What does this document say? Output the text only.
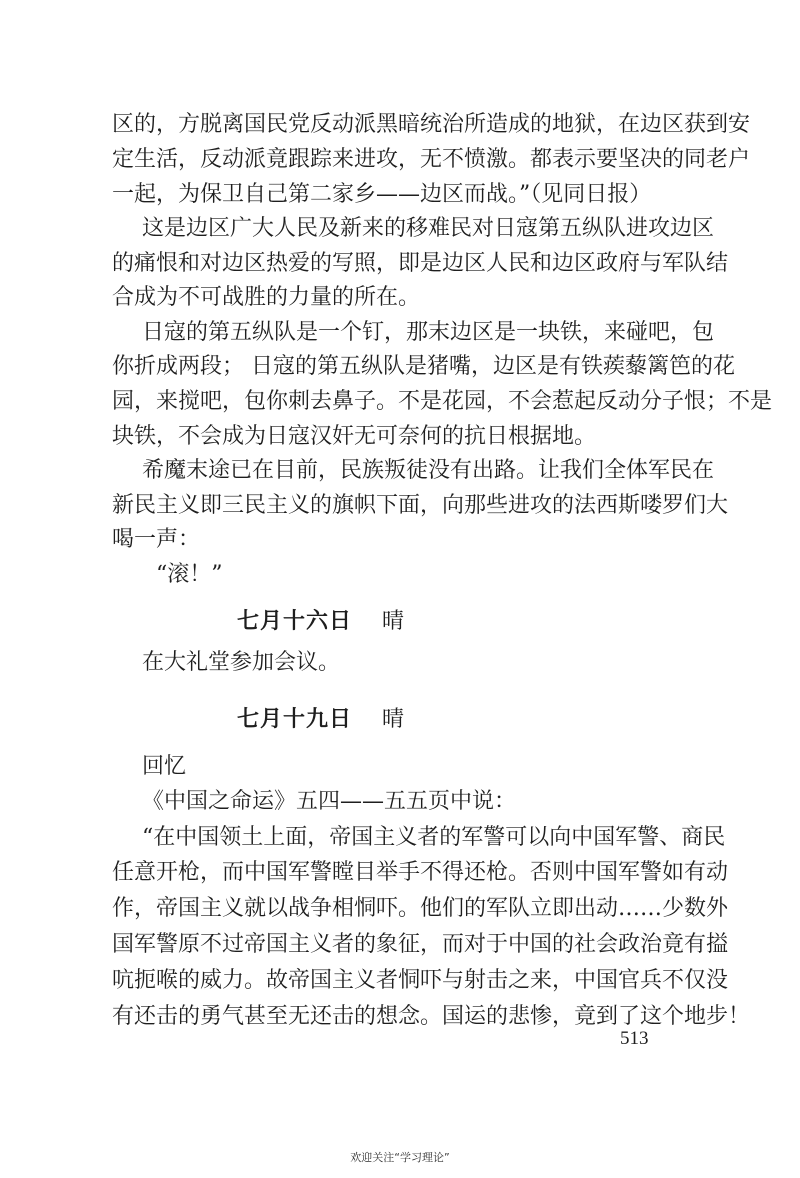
区的，方脱离国民党反动派黑暗统治所造成的地狱，在边区获到安
定生活，反动派竟跟踪来进攻，无不愤激。都表示要坚决的同老户
一起，为保卫自己第二家乡——边区而战。”（见同日报）
这是边区广大人民及新来的移难民对日寇第五纵队进攻边区
的痛恨和对边区热爱的写照，即是边区人民和边区政府与军队结
合成为不可战胜的力量的所在。
日寇的第五纵队是一个钉，那末边区是一块铁，来碰吧，包
你折成两段； 日寇的第五纵队是猪嘴，边区是有铁蒺藜篱笆的花
园，来搅吧，包你刺去鼻子。不是花园，不会惹起反动分子恨；不是
块铁，不会成为日寇汉奸无可奈何的抗日根据地。
希魔末途已在目前，民族叛徒没有出路。让我们全体军民在
新民主义即三民主义的旗帜下面，向那些进攻的法西斯喽罗们大
喝一声：
“滚！”
七月十六日 晴
在大礼堂参加会议。
七月十九日 晴
回忆
《中国之命运》五四——五五页中说：
“在中国领土上面，帝国主义者的军警可以向中国军警、商民
任意开枪，而中国军警瞠目举手不得还枪。否则中国军警如有动
作，帝国主义就以战争相恫吓。他们的军队立即出动……少数外
国军警原不过帝国主义者的象征，而对于中国的社会政治竟有搤
吭扼喉的威力。故帝国主义者恫吓与射击之来，中国官兵不仅没
有还击的勇气甚至无还击的想念。国运的悲惨，竟到了这个地步！
513
欢迎关注“学习理论”
